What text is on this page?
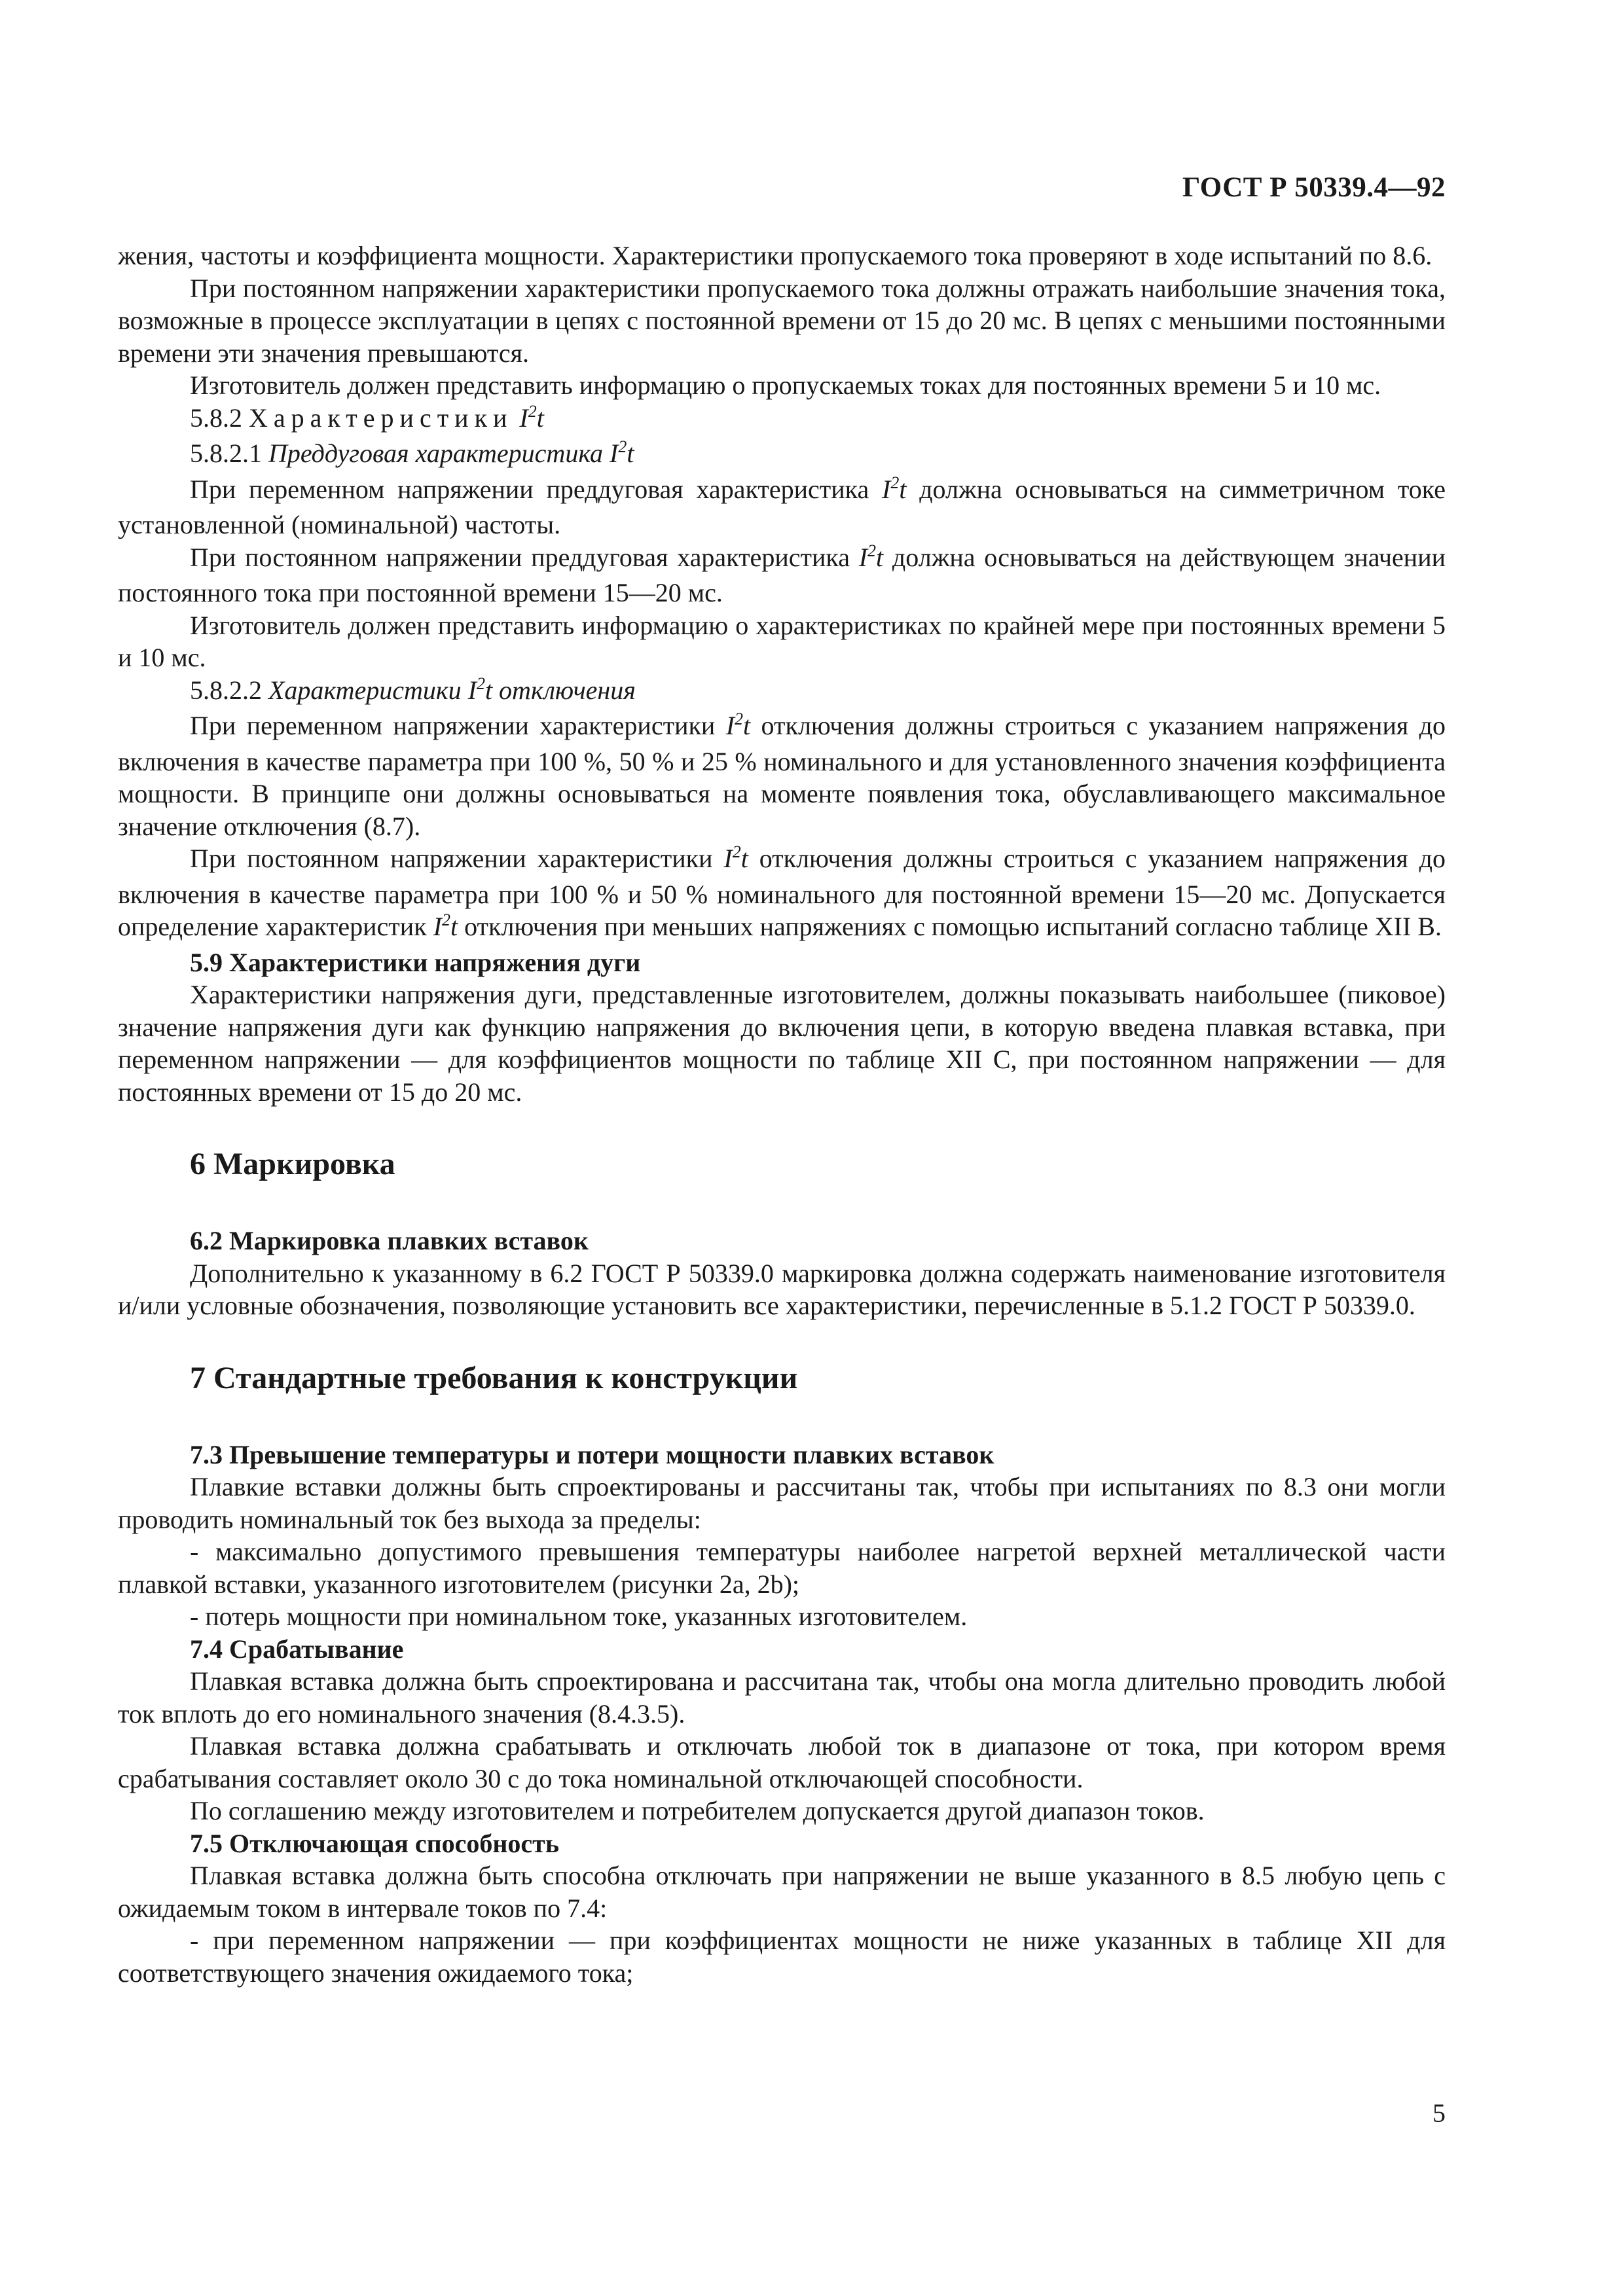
ГОСТ Р 50339.4—92

жения, частоты и коэффициента мощности. Характеристики пропускаемого тока проверяют в ходе испытаний по 8.6.

При постоянном напряжении характеристики пропускаемого тока должны отражать наибольшие значения тока, возможные в процессе эксплуатации в цепях с постоянной времени от 15 до 20 мс. В цепях с меньшими постоянными времени эти значения превышаются.

Изготовитель должен представить информацию о пропускаемых токах для постоянных времени 5 и 10 мс.

5.8.2 Характеристики $I^2t$

5.8.2.1 Преддуговая характеристика $I^2t$

При переменном напряжении преддуговая характеристика $I^2t$ должна основываться на симметричном токе установленной (номинальной) частоты.

При постоянном напряжении преддуговая характеристика $I^2t$ должна основываться на действующем значении постоянного тока при постоянной времени 15—20 мс.

Изготовитель должен представить информацию о характеристиках по крайней мере при постоянных времени 5 и 10 мс.

5.8.2.2 Характеристики $I^2t$ отключения

При переменном напряжении характеристики $I^2t$ отключения должны строиться с указанием напряжения до включения в качестве параметра при 100 %, 50 % и 25 % номинального и для установленного значения коэффициента мощности. В принципе они должны основываться на моменте появления тока, обуславливающего максимальное значение отключения (8.7).

При постоянном напряжении характеристики $I^2t$ отключения должны строиться с указанием напряжения до включения в качестве параметра при 100 % и 50 % номинального для постоянной времени 15—20 мс. Допускается определение характеристик $I^2t$ отключения при меньших напряжениях с помощью испытаний согласно таблице XII В.

5.9 Характеристики напряжения дуги

Характеристики напряжения дуги, представленные изготовителем, должны показывать наибольшее (пиковое) значение напряжения дуги как функцию напряжения до включения цепи, в которую введена плавкая вставка, при переменном напряжении — для коэффициентов мощности по таблице XII С, при постоянном напряжении — для постоянных времени от 15 до 20 мс.

6 Маркировка

6.2 Маркировка плавких вставок

Дополнительно к указанному в 6.2 ГОСТ Р 50339.0 маркировка должна содержать наименование изготовителя и/или условные обозначения, позволяющие установить все характеристики, перечисленные в 5.1.2 ГОСТ Р 50339.0.

7 Стандартные требования к конструкции

7.3 Превышение температуры и потери мощности плавких вставок

Плавкие вставки должны быть спроектированы и рассчитаны так, чтобы при испытаниях по 8.3 они могли проводить номинальный ток без выхода за пределы:

- максимально допустимого превышения температуры наиболее нагретой верхней металлической части плавкой вставки, указанного изготовителем (рисунки 2а, 2b);

- потерь мощности при номинальном токе, указанных изготовителем.

7.4 Срабатывание

Плавкая вставка должна быть спроектирована и рассчитана так, чтобы она могла длительно проводить любой ток вплоть до его номинального значения (8.4.3.5).

Плавкая вставка должна срабатывать и отключать любой ток в диапазоне от тока, при котором время срабатывания составляет около 30 с до тока номинальной отключающей способности.

По соглашению между изготовителем и потребителем допускается другой диапазон токов.

7.5 Отключающая способность

Плавкая вставка должна быть способна отключать при напряжении не выше указанного в 8.5 любую цепь с ожидаемым током в интервале токов по 7.4:

- при переменном напряжении — при коэффициентах мощности не ниже указанных в таблице XII для соответствующего значения ожидаемого тока;

5
